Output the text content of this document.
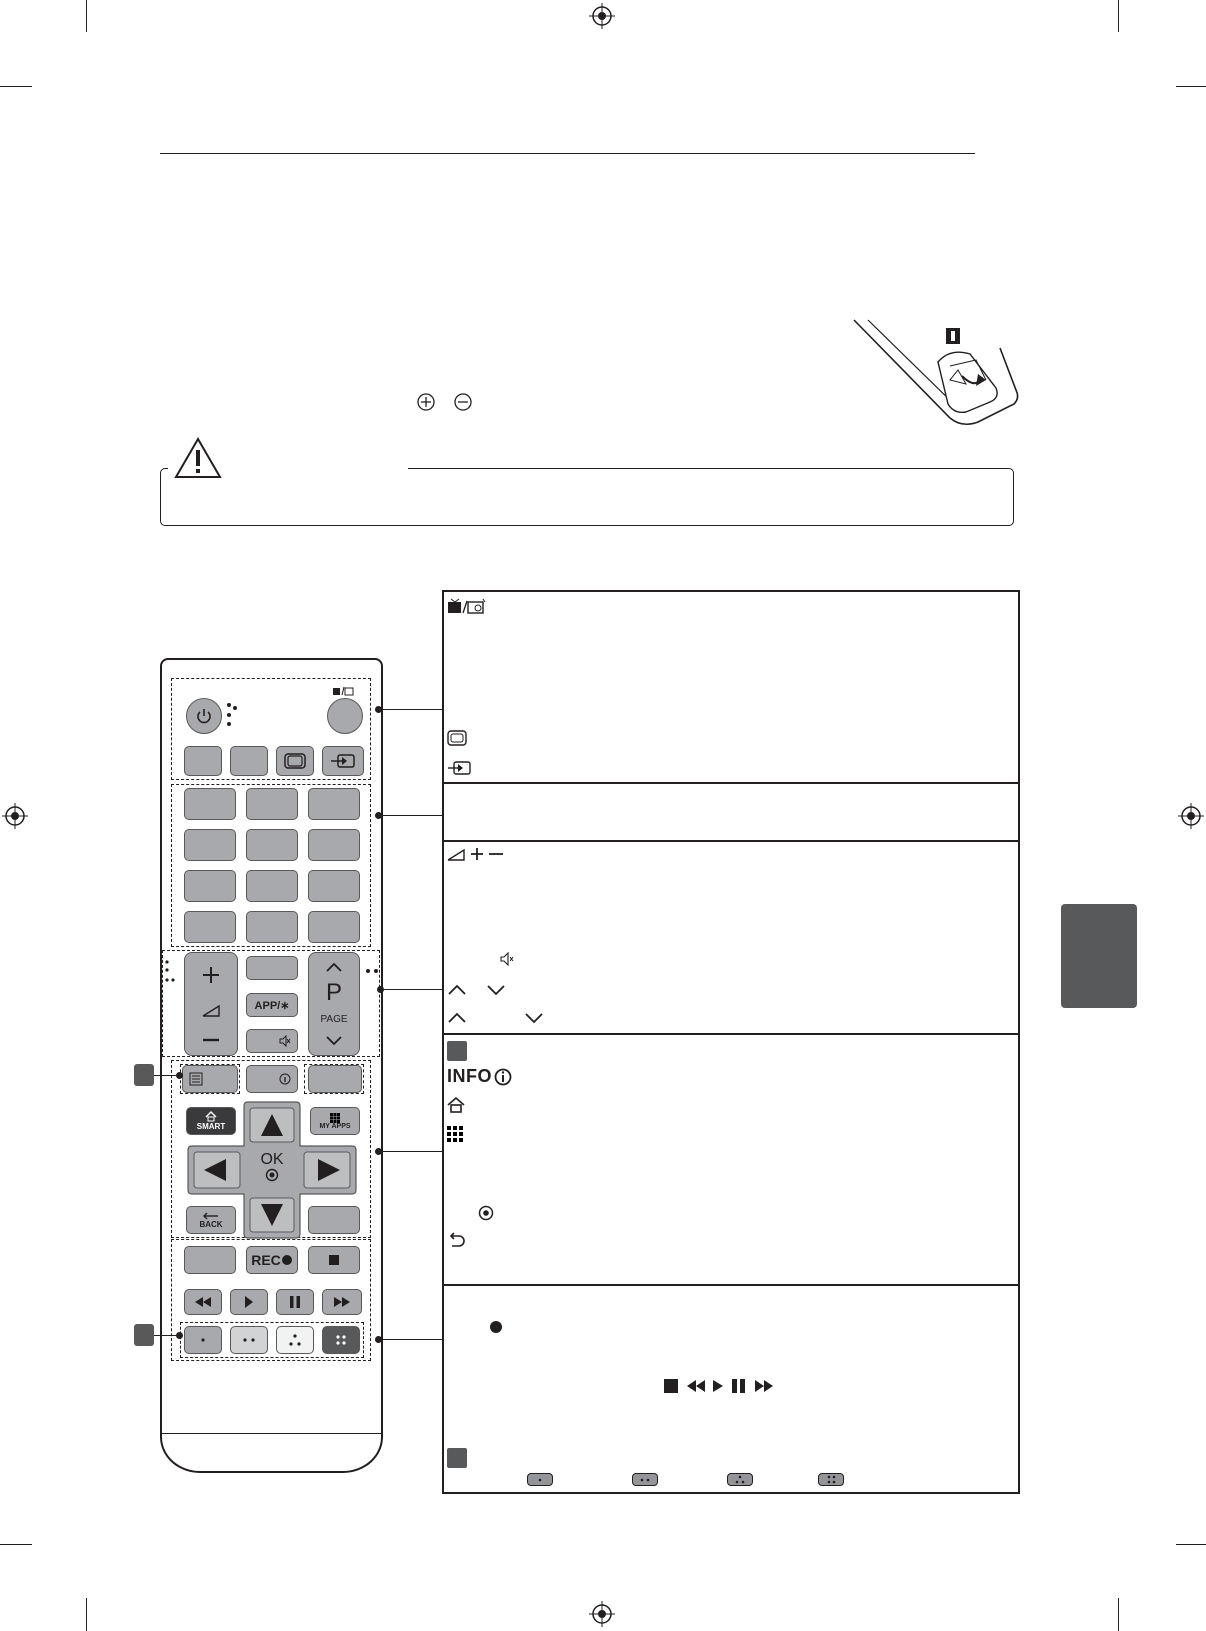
APP/∗ P
PAGE
SMART	MY APPS
OK
BACK
REC
INFO
